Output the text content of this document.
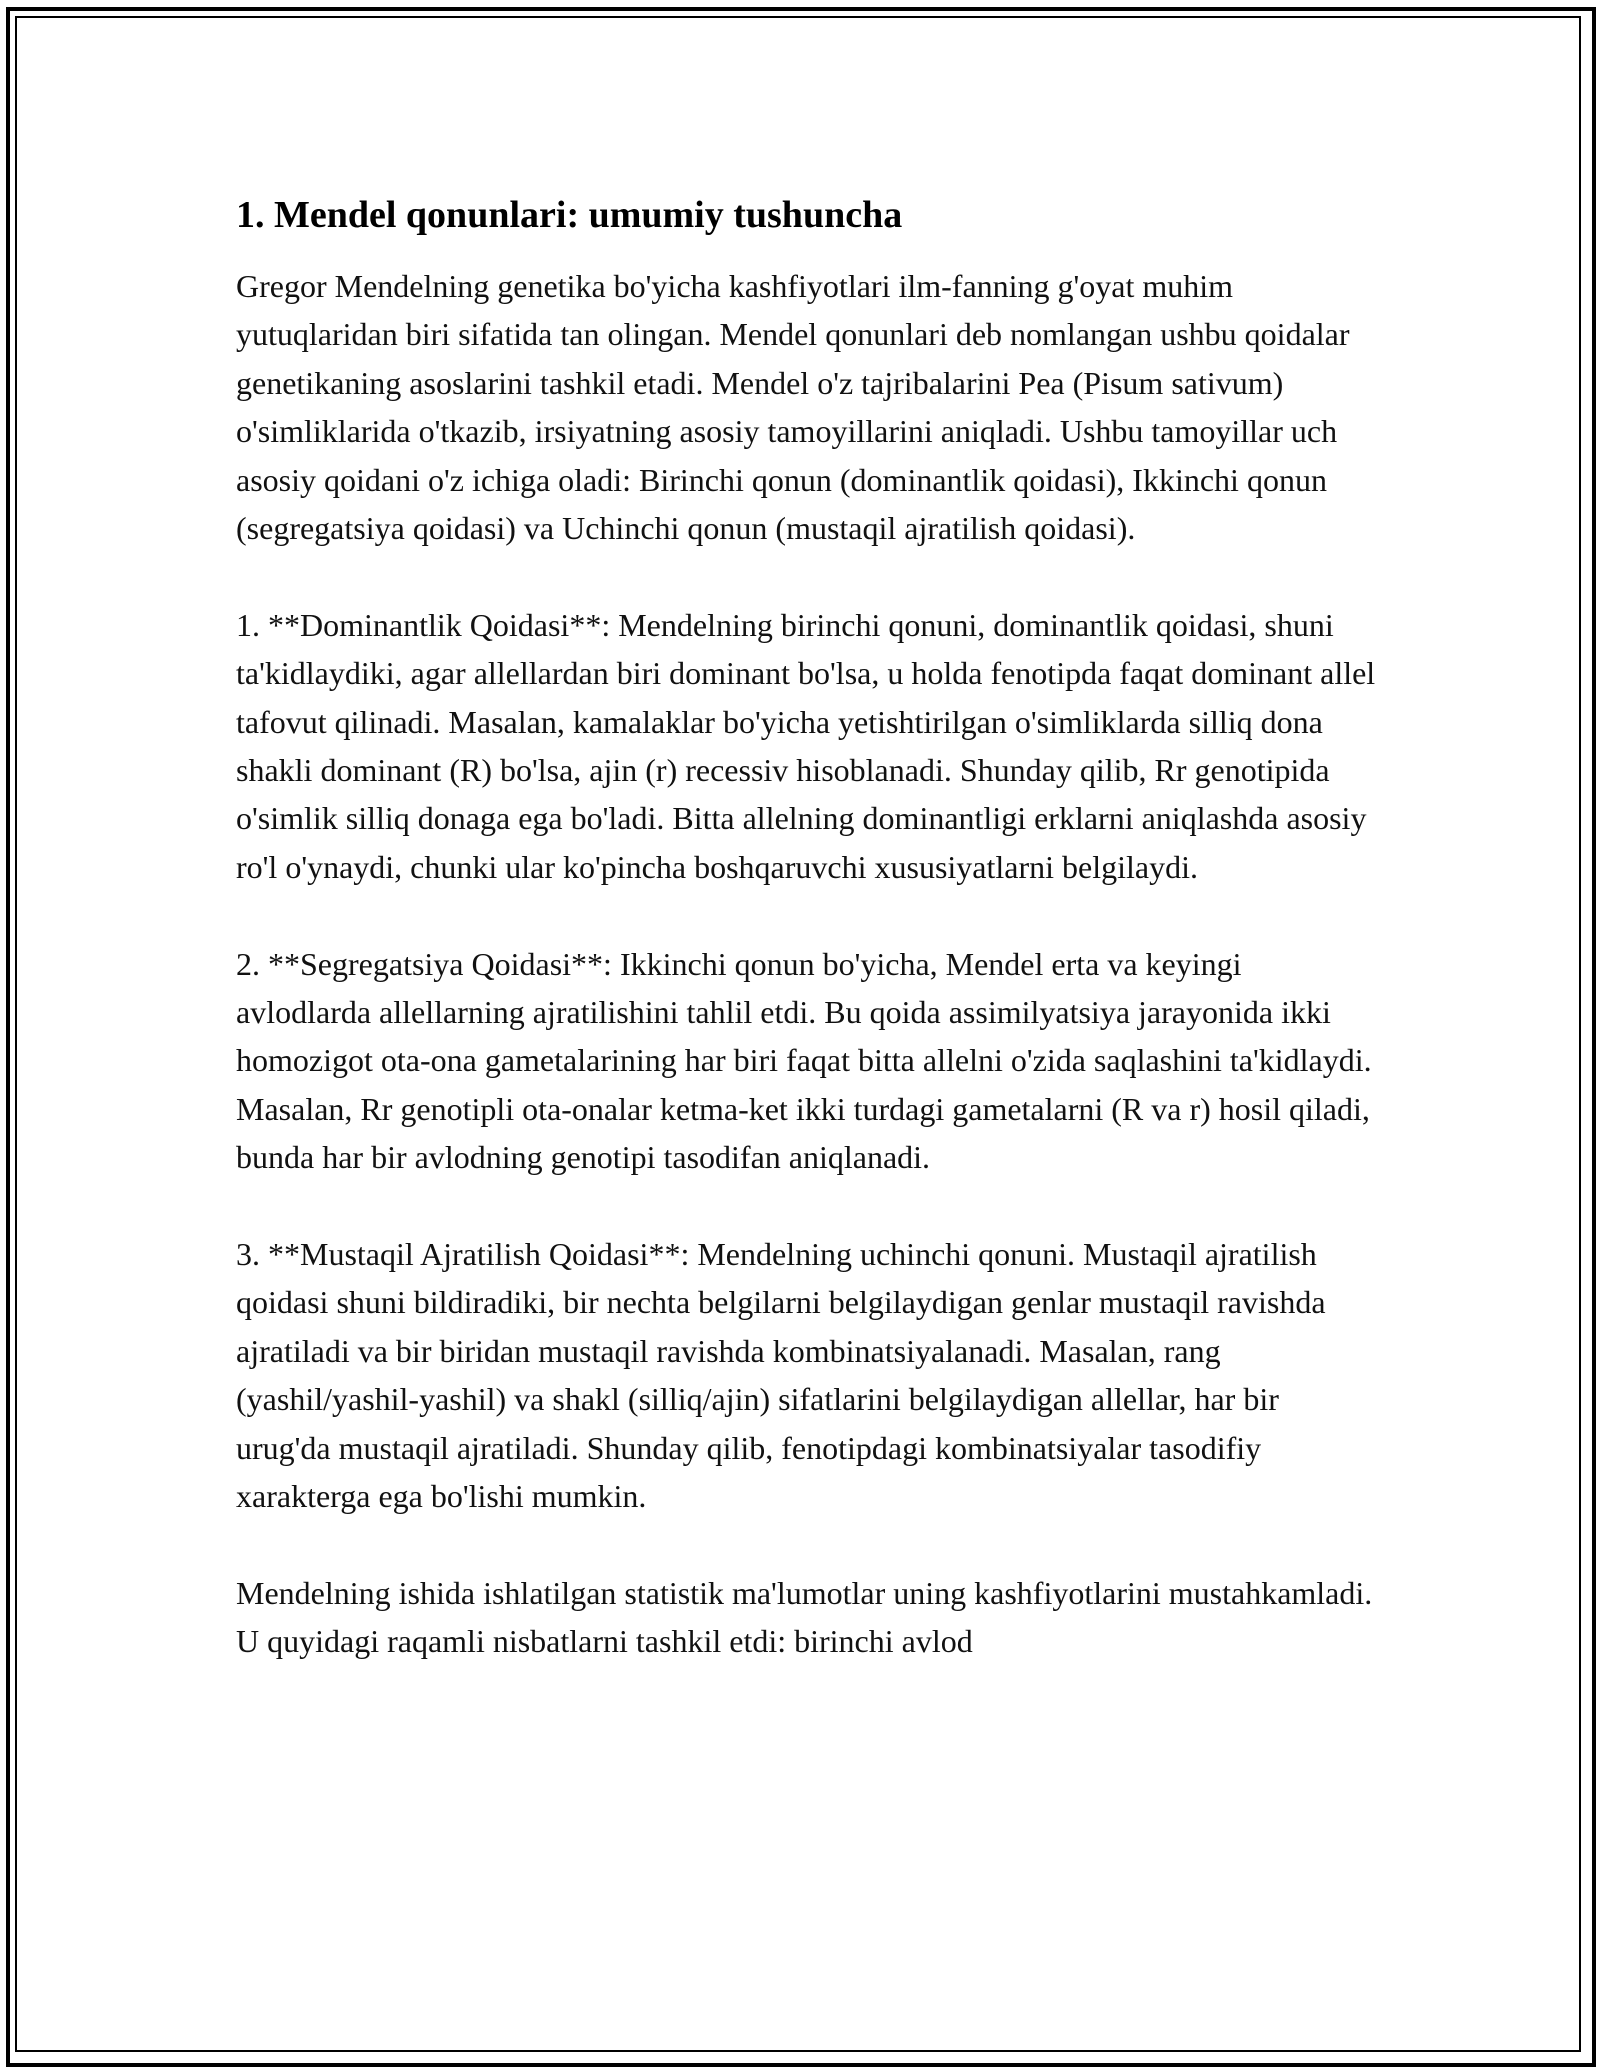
1. Mendel qonunlari: umumiy tushuncha

Gregor Mendelning genetika bo'yicha kashfiyotlari ilm-fanning g'oyat muhim yutuqlaridan biri sifatida tan olingan. Mendel qonunlari deb nomlangan ushbu qoidalar genetikaning asoslarini tashkil etadi. Mendel o'z tajribalarini Pea (Pisum sativum) o'simliklarida o'tkazib, irsiyatning asosiy tamoyillarini aniqladi. Ushbu tamoyillar uch asosiy qoidani o'z ichiga oladi: Birinchi qonun (dominantlik qoidasi), Ikkinchi qonun (segregatsiya qoidasi) va Uchinchi qonun (mustaqil ajratilish qoidasi).

1. **Dominantlik Qoidasi**: Mendelning birinchi qonuni, dominantlik qoidasi, shuni ta'kidlaydiki, agar allellardan biri dominant bo'lsa, u holda fenotipda faqat dominant allel tafovut qilinadi. Masalan, kamalaklar bo'yicha yetishtirilgan o'simliklarda silliq dona shakli dominant (R) bo'lsa, ajin (r) recessiv hisoblanadi. Shunday qilib, Rr genotipida o'simlik silliq donaga ega bo'ladi. Bitta allelning dominantligi erklarni aniqlashda asosiy ro'l o'ynaydi, chunki ular ko'pincha boshqaruvchi xususiyatlarni belgilaydi.

2. **Segregatsiya Qoidasi**: Ikkinchi qonun bo'yicha, Mendel erta va keyingi avlodlarda allellarning ajratilishini tahlil etdi. Bu qoida assimilyatsiya jarayonida ikki homozigot ota-ona gametalarining har biri faqat bitta allelni o'zida saqlashini ta'kidlaydi. Masalan, Rr genotipli ota-onalar ketma-ket ikki turdagi gametalarni (R va r) hosil qiladi, bunda har bir avlodning genotipi tasodifan aniqlanadi.

3. **Mustaqil Ajratilish Qoidasi**: Mendelning uchinchi qonuni. Mustaqil ajratilish qoidasi shuni bildiradiki, bir nechta belgilarni belgilaydigan genlar mustaqil ravishda ajratiladi va bir biridan mustaqil ravishda kombinatsiyalanadi. Masalan, rang (yashil/yashil-yashil) va shakl (silliq/ajin) sifatlarini belgilaydigan allellar, har bir urug'da mustaqil ajratiladi. Shunday qilib, fenotipdagi kombinatsiyalar tasodifiy xarakterga ega bo'lishi mumkin.

Mendelning ishida ishlatilgan statistik ma'lumotlar uning kashfiyotlarini mustahkamladi. U quyidagi raqamli nisbatlarni tashkil etdi: birinchi avlod
